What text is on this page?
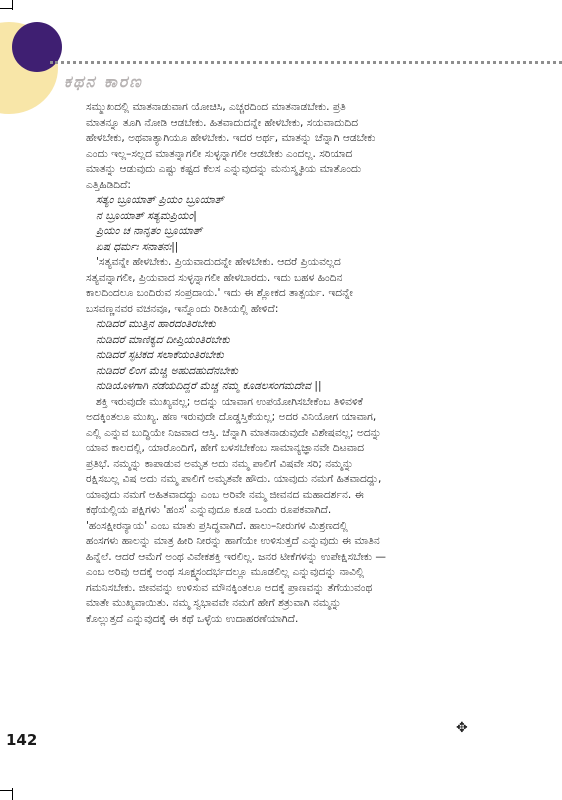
ಕಥನ ಕಾರಣ
ಸಮ್ಮುಖದಲ್ಲಿ ಮಾತನಾಡುವಾಗ ಯೋಚಿಸಿ, ಎಚ್ಚರದಿಂದ ಮಾತನಾಡಬೇಕು. ಪ್ರತಿ
ಮಾತನ್ನೂ ತೂಗಿ ನೋಡಿ ಆಡಬೇಕು. ಹಿತವಾದುದನ್ನೇ ಹೇಳಬೇಕು, ಸಯವಾದುದಿದ
ಹೇಳಬೇಕು, ಅಥವಾತ್ಯಾಗಿಯೂ ಹೇಳಬೇಕು. ಇದರ ಅರ್ಥ, ಮಾತನ್ನು ಚೆನ್ನಾಗಿ ಆಡಬೇಕು
ಎಂದು ಇಲ್ಲ–ಸಲ್ಲದ ಮಾತನ್ನಾಗಲೀ ಸುಳ್ಳನ್ನಾಗಲೀ ಆಡಬೇಕು ಎಂದಲ್ಲ. ಸರಿಯಾದ
ಮಾತನ್ನು ಆಡುವುದು ಎಷ್ಟು ಕಷ್ಟದ ಕೆಲಸ ಎನ್ನುವುದನ್ನು ಮನುಸ್ಮೃತಿಯ ಮಾತೊಂದು
ಎತ್ತಿಹಿಡಿದಿದೆ:
ಸತ್ಯಂ ಬ್ರೂಯಾತ್ ಪ್ರಿಯಂ ಬ್ರೂಯಾತ್
ನ ಬ್ರೂಯಾತ್ ಸತ್ಯಮಪ್ರಿಯಂ|
ಪ್ರಿಯಂ ಚ ನಾನೃತಂ ಬ್ರೂಯಾತ್
ಏಷ ಧರ್ಮಃ ಸನಾತನಃ||
'ಸತ್ಯವನ್ನೇ ಹೇಳಬೇಕು. ಪ್ರಿಯವಾದುದನ್ನೇ ಹೇಳಬೇಕು. ಆದರೆ ಪ್ರಿಯವಲ್ಲದ
ಸತ್ಯವನ್ನಾಗಲೀ, ಪ್ರಿಯವಾದ ಸುಳ್ಳನ್ನಾಗಲೀ ಹೇಳಬಾರದು. ಇದು ಬಹಳ ಹಿಂದಿನ
ಕಾಲದಿಂದಲೂ ಬಂದಿರುವ ಸಂಪ್ರದಾಯ.' ಇದು ಈ ಶ್ಲೋಕದ ತಾತ್ಪರ್ಯ. ಇದನ್ನೇ
ಬಸವಣ್ಣನವರ ವಚನವೂ, ಇನ್ನೊಂದು ರೀತಿಯಲ್ಲಿ ಹೇಳಿದೆ:
ನುಡಿದರೆ ಮುತ್ತಿನ ಹಾರದಂತಿರಬೇಕು
ನುಡಿದರೆ ಮಾಣಿಕ್ಯದ ದೀಪ್ತಿಯಂತಿರಬೇಕು
ನುಡಿದರೆ ಸ್ಫಟಿಕದ ಸಲಾಕೆಯಂತಿರಬೇಕು
ನುಡಿದರೆ ಲಿಂಗ ಮೆಚ್ಚಿ ಅಹುದಹುದೆನಬೇಕು
ನುಡಿಯೊಳಗಾಗಿ ನಡೆಯದಿದ್ದರೆ ಮೆಚ್ಚ ನಮ್ಮ ಕೂಡಲಸಂಗಮದೇವ ||
ಶಕ್ತಿ ಇರುವುದೇ ಮುಖ್ಯವಲ್ಲ; ಅದನ್ನು ಯಾವಾಗ ಉಪಯೋಗಿಸಬೇಕೆಂಬ ತಿಳಿವಳಿಕೆ
ಅದಕ್ಕಿಂತಲೂ ಮುಖ್ಯ. ಹಣ ಇರುವುದೇ ದೊಡ್ಡಸ್ತಿಕೆಯಲ್ಲ; ಅದರ ವಿನಿಯೋಗ ಯಾವಾಗ,
ಎಲ್ಲಿ ಎನ್ನುವ ಬುದ್ಧಿಯೇ ನಿಜವಾದ ಆಸ್ತಿ. ಚೆನ್ನಾಗಿ ಮಾತನಾಡುವುದೇ ವಿಶೇಷವಲ್ಲ; ಅದನ್ನು
ಯಾವ ಕಾಲದಲ್ಲಿ, ಯಾರೊಂದಿಗೆ, ಹೇಗೆ ಬಳಸಬೇಕೆಂಬ ಸಾಮಾನ್ಯಜ್ಞಾನವೇ ದಿಟವಾದ
ಪ್ರತಿಭೆ. ನಮ್ಮನ್ನು ಕಾಪಾಡುವ ಅಮೃತ ಅದು ನಮ್ಮ ಪಾಲಿಗೆ ವಿಷವೇ ಸರಿ; ನಮ್ಮನ್ನು
ರಕ್ಷಿಸಬಲ್ಲ ವಿಷ ಅದು ನಮ್ಮ ಪಾಲಿಗೆ ಅಮೃತವೇ ಹೌದು. ಯಾವುದು ನಮಗೆ ಹಿತವಾದದ್ದು,
ಯಾವುದು ನಮಗೆ ಅಹಿತವಾದದ್ದು ಎಂಬ ಅರಿವೇ ನಮ್ಮ ಜೀವನದ ಮಹಾದರ್ಶನ. ಈ
ಕಥೆಯಲ್ಲಿಯ ಪಕ್ಷಿಗಳು 'ಹಂಸ' ಎನ್ನುವುದೂ ಕೂಡ ಒಂದು ರೂಪಕವಾಗಿದೆ.
'ಹಂಸಕ್ಷೀರನ್ಯಾಯ' ಎಂಬ ಮಾತು ಪ್ರಸಿದ್ಧವಾಗಿದೆ. ಹಾಲು–ನೀರುಗಳ ಮಿಶ್ರಣದಲ್ಲಿ
ಹಂಸಗಳು ಹಾಲನ್ನು ಮಾತ್ರ ಹೀರಿ ನೀರನ್ನು ಹಾಗೆಯೇ ಉಳಿಸುತ್ತದೆ ಎನ್ನುವುದು ಈ ಮಾತಿನ
ಹಿನ್ನೆಲೆ. ಆದರೆ ಆಮೆಗೆ ಅಂಥ ವಿವೇಕಶಕ್ತಿ ಇರಲಿಲ್ಲ. ಜನರ ಟೀಕೆಗಳನ್ನು ಉಪೇಕ್ಷಿಸಬೇಕು —
ಎಂಬ ಅರಿವು ಅದಕ್ಕೆ ಅಂಥ ಸೂಕ್ಷ್ಮಸಂದರ್ಭದಲ್ಲೂ ಮೂಡಲಿಲ್ಲ ಎನ್ನುವುದನ್ನು ನಾವಿಲ್ಲಿ
ಗಮನಿಸಬೇಕು. ಜೀವವನ್ನು ಉಳಿಸುವ ಮೌನಕ್ಕಿಂತಲೂ ಅದಕ್ಕೆ ಪ್ರಾಣವನ್ನು ತೆಗೆಯುವಂಥ
ಮಾತೇ ಮುಖ್ಯವಾಯಿತು. ನಮ್ಮ ಸ್ವಭಾವವೇ ನಮಗೆ ಹೇಗೆ ಶತ್ರುವಾಗಿ ನಮ್ಮನ್ನು
ಕೊಲ್ಲುತ್ತದೆ ಎನ್ನುವುದಕ್ಕೆ ಈ ಕಥೆ ಒಳ್ಳೆಯ ಉದಾಹರಣೆಯಾಗಿದೆ.
✥
142
